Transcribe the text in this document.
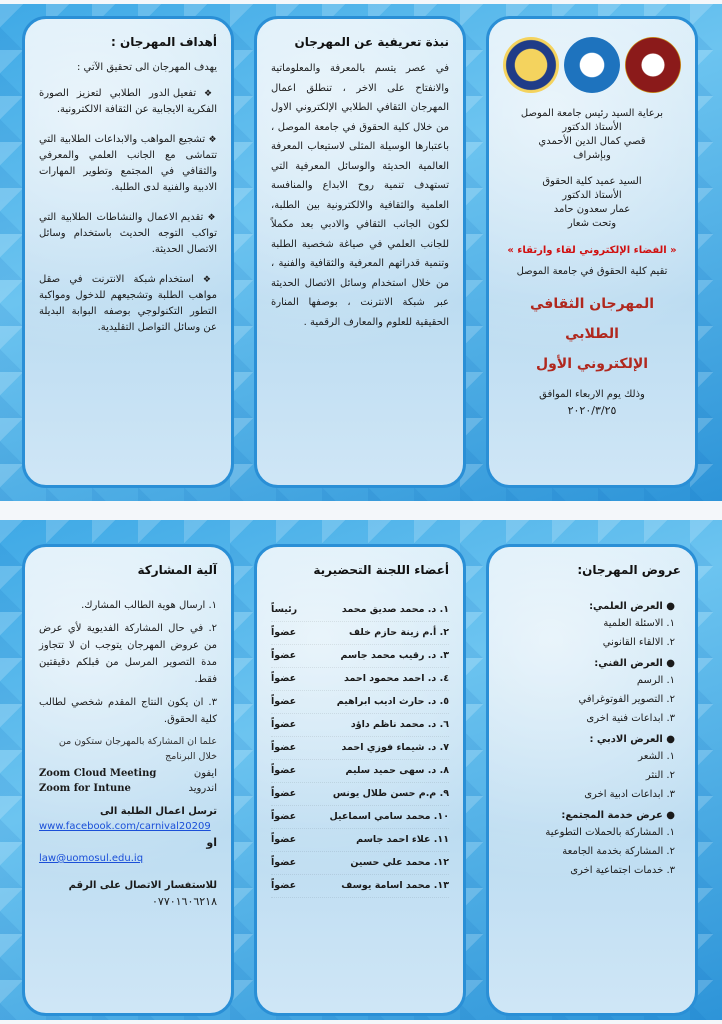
أهداف المهرجان :
يهدف المهرجان الى تحقيق الآتي :
❖ تفعيل الدور الطلابي لتعزيز الصورة الفكرية الايجابية عن الثقافة الالكترونية.
❖ تشجيع المواهب والابداعات الطلابية التي تتماشى مع الجانب العلمي والمعرفي والثقافي في المجتمع وتطوير المهارات الادبية والفنية لدى الطلبة.
❖ تقديم الاعمال والنشاطات الطلابية التي تواكب التوجه الحديث باستخدام وسائل الاتصال الحديثة.
❖ استخدام شبكة الانترنت في صقل مواهب الطلبة وتشجيعهم للدخول ومواكبة التطور التكنولوجي بوصفه البوابة البديلة عن وسائل التواصل التقليدية.
نبذة تعريفية عن المهرجان
في عصر يتسم بالمعرفة والمعلوماتية والانفتاح على الاخر ، تنطلق اعمال المهرجان الثقافي الطلابي الإلكتروني الاول من خلال كلية الحقوق في جامعة الموصل ، باعتبارها الوسيلة المثلى لاستيعاب المعرفة العالمية الحديثة والوسائل المعرفية التي تستهدف تنمية روح الابداع والمنافسة العلمية والثقافية والالكترونية بين الطلبة، لكون الجانب الثقافي والادبي بعد مكملاً للجانب العلمي في صياغة شخصية الطلبة وتنمية قدراتهم المعرفية والثقافية والفنية ، من خلال استخدام وسائل الاتصال الحديثة عبر شبكة الانترنت ، بوصفها المنارة الحقيقية للعلوم والمعارف الرقمية .
برعاية السيد رئيس جامعة الموصل
الأستاذ الدكتور
قصي كمال الدين الأحمدي
وبإشراف
السيد عميد كلية الحقوق
الأستاذ الدكتور
عمار سعدون حامد
وتحت شعار
« الفضاء الإلكتروني لقاء وارتقاء »
تقيم كلية الحقوق في جامعة الموصل
المهرجان الثقافي الطلابي
الإلكتروني الأول
وذلك يوم الاربعاء الموافق
٢٠٢٠/٣/٢٥
آلية المشاركة
١. ارسال هوية الطالب المشارك.
٢. في حال المشاركة الفديوية لأي عرض من عروض المهرجان يتوجب ان لا تتجاوز مدة التصوير المرسل من قبلكم دقيقتين فقط.
٣. ان يكون النتاج المقدم شخصي لطالب كلية الحقوق.
علما ان المشاركة بالمهرجان ستكون من خلال البرنامج
Zoom Cloud Meeting	ايفون
Zoom for Intune	اندرويد
ترسل اعمال الطلبة الى
www.facebook.com/carnival20209
او
law@uomosul.edu.iq
للاستفسار الاتصال على الرقم
٠٧٧٠١٦٠٦٢١٨
أعضاء اللجنة التحضيرية
١. د. محمد صديق محمد
رئيساً
٢. أ.م زينة حازم خلف
عضواً
٣. د. رقيب محمد جاسم
عضواً
٤. د. احمد محمود احمد
عضواً
٥. د. حارث اديب ابراهيم
عضواً
٦. د. محمد ناظم داؤد
عضواً
٧. د. شيماء فوزي احمد
عضواً
٨. د. سهى حميد سليم
عضواً
٩. م.م حسن طلال يونس
عضواً
١٠. محمد سامي اسماعيل
عضواً
١١. علاء احمد جاسم
عضواً
١٢. محمد علي حسين
عضواً
١٣. محمد اسامة يوسف
عضواً
عروض المهرجان:
● العرض العلمي:
١. الاسئلة العلمية
٢. الالقاء القانوني
● العرض الفني:
١. الرسم
٢. التصوير الفوتوغرافي
٣. ابداعات فنية اخرى
● العرض الادبي :
١. الشعر
٢. النثر
٣. ابداعات ادبية اخرى
● عرض خدمة المجتمع:
١. المشاركة بالحملات التطوعية
٢. المشاركة بخدمة الجامعة
٣. خدمات اجتماعية اخرى
